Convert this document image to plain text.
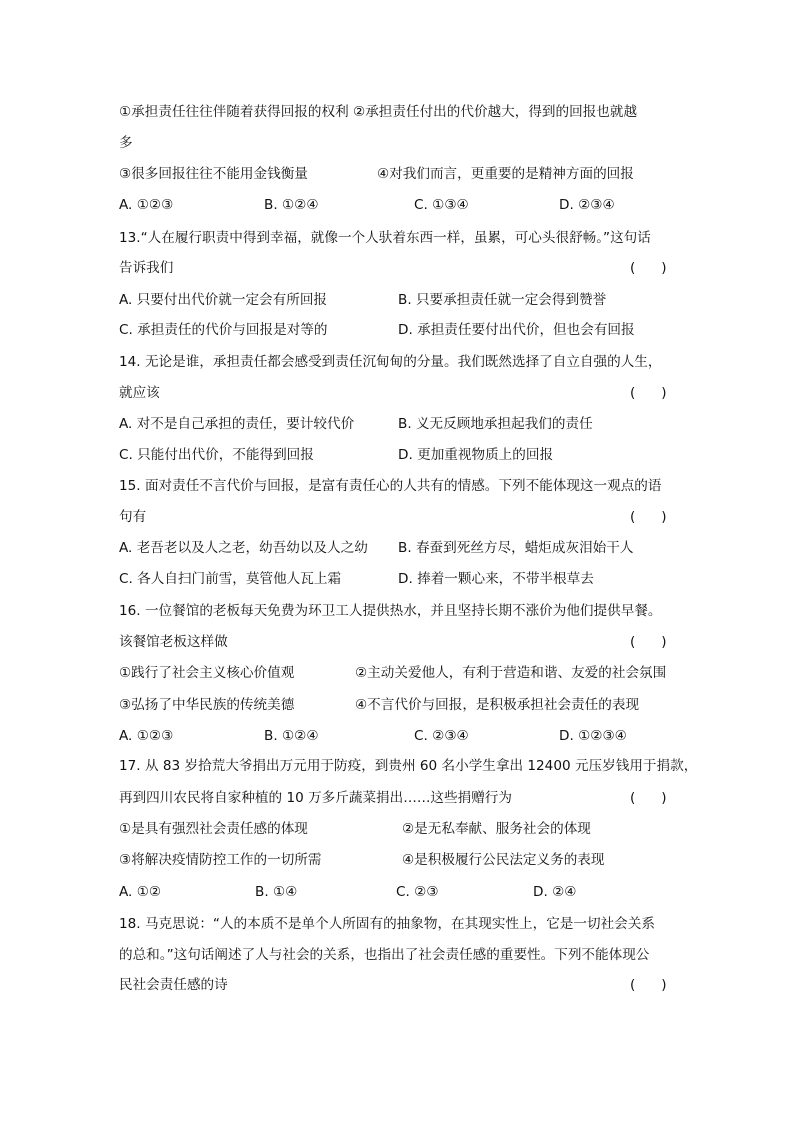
①承担责任往往伴随着获得回报的权利 ②承担责任付出的代价越大，得到的回报也就越
多
③很多回报往往不能用金钱衡量	④对我们而言，更重要的是精神方面的回报
A. ①②③	B. ①②④	C. ①③④	D. ②③④
13.“人在履行职责中得到幸福，就像一个人驮着东西一样，虽累，可心头很舒畅。”这句话
告诉我们	(      )
A. 只要付出代价就一定会有所回报	B. 只要承担责任就一定会得到赞誉
C. 承担责任的代价与回报是对等的	D. 承担责任要付出代价，但也会有回报
14. 无论是谁，承担责任都会感受到责任沉甸甸的分量。我们既然选择了自立自强的人生，
就应该	(      )
A. 对不是自己承担的责任，要计较代价	B. 义无反顾地承担起我们的责任
C. 只能付出代价，不能得到回报	D. 更加重视物质上的回报
15. 面对责任不言代价与回报，是富有责任心的人共有的情感。下列不能体现这一观点的语
句有	(      )
A. 老吾老以及人之老，幼吾幼以及人之幼 B. 春蚕到死丝方尽，蜡炬成灰泪始干人
C. 各人自扫门前雪，莫管他人瓦上霜	D. 捧着一颗心来，不带半根草去
16. 一位餐馆的老板每天免费为环卫工人提供热水，并且坚持长期不涨价为他们提供早餐。
该餐馆老板这样做	(      )
①践行了社会主义核心价值观	②主动关爱他人，有利于营造和谐、友爱的社会氛围
③弘扬了中华民族的传统美德	④不言代价与回报，是积极承担社会责任的表现
A. ①②③	B. ①②④	C. ②③④	D. ①②③④
17. 从 83 岁拾荒大爷捐出万元用于防疫，到贵州 60 名小学生拿出 12400 元压岁钱用于捐款，
再到四川农民将自家种植的 10 万多斤蔬菜捐出……这些捐赠行为	(      )
①是具有强烈社会责任感的体现	②是无私奉献、服务社会的体现
③将解决疫情防控工作的一切所需	④是积极履行公民法定义务的表现
A. ①②	B. ①④	C. ②③	D. ②④
18. 马克思说：“人的本质不是单个人所固有的抽象物，在其现实性上，它是一切社会关系
的总和。”这句话阐述了人与社会的关系，也指出了社会责任感的重要性。下列不能体现公
民社会责任感的诗	(      )
